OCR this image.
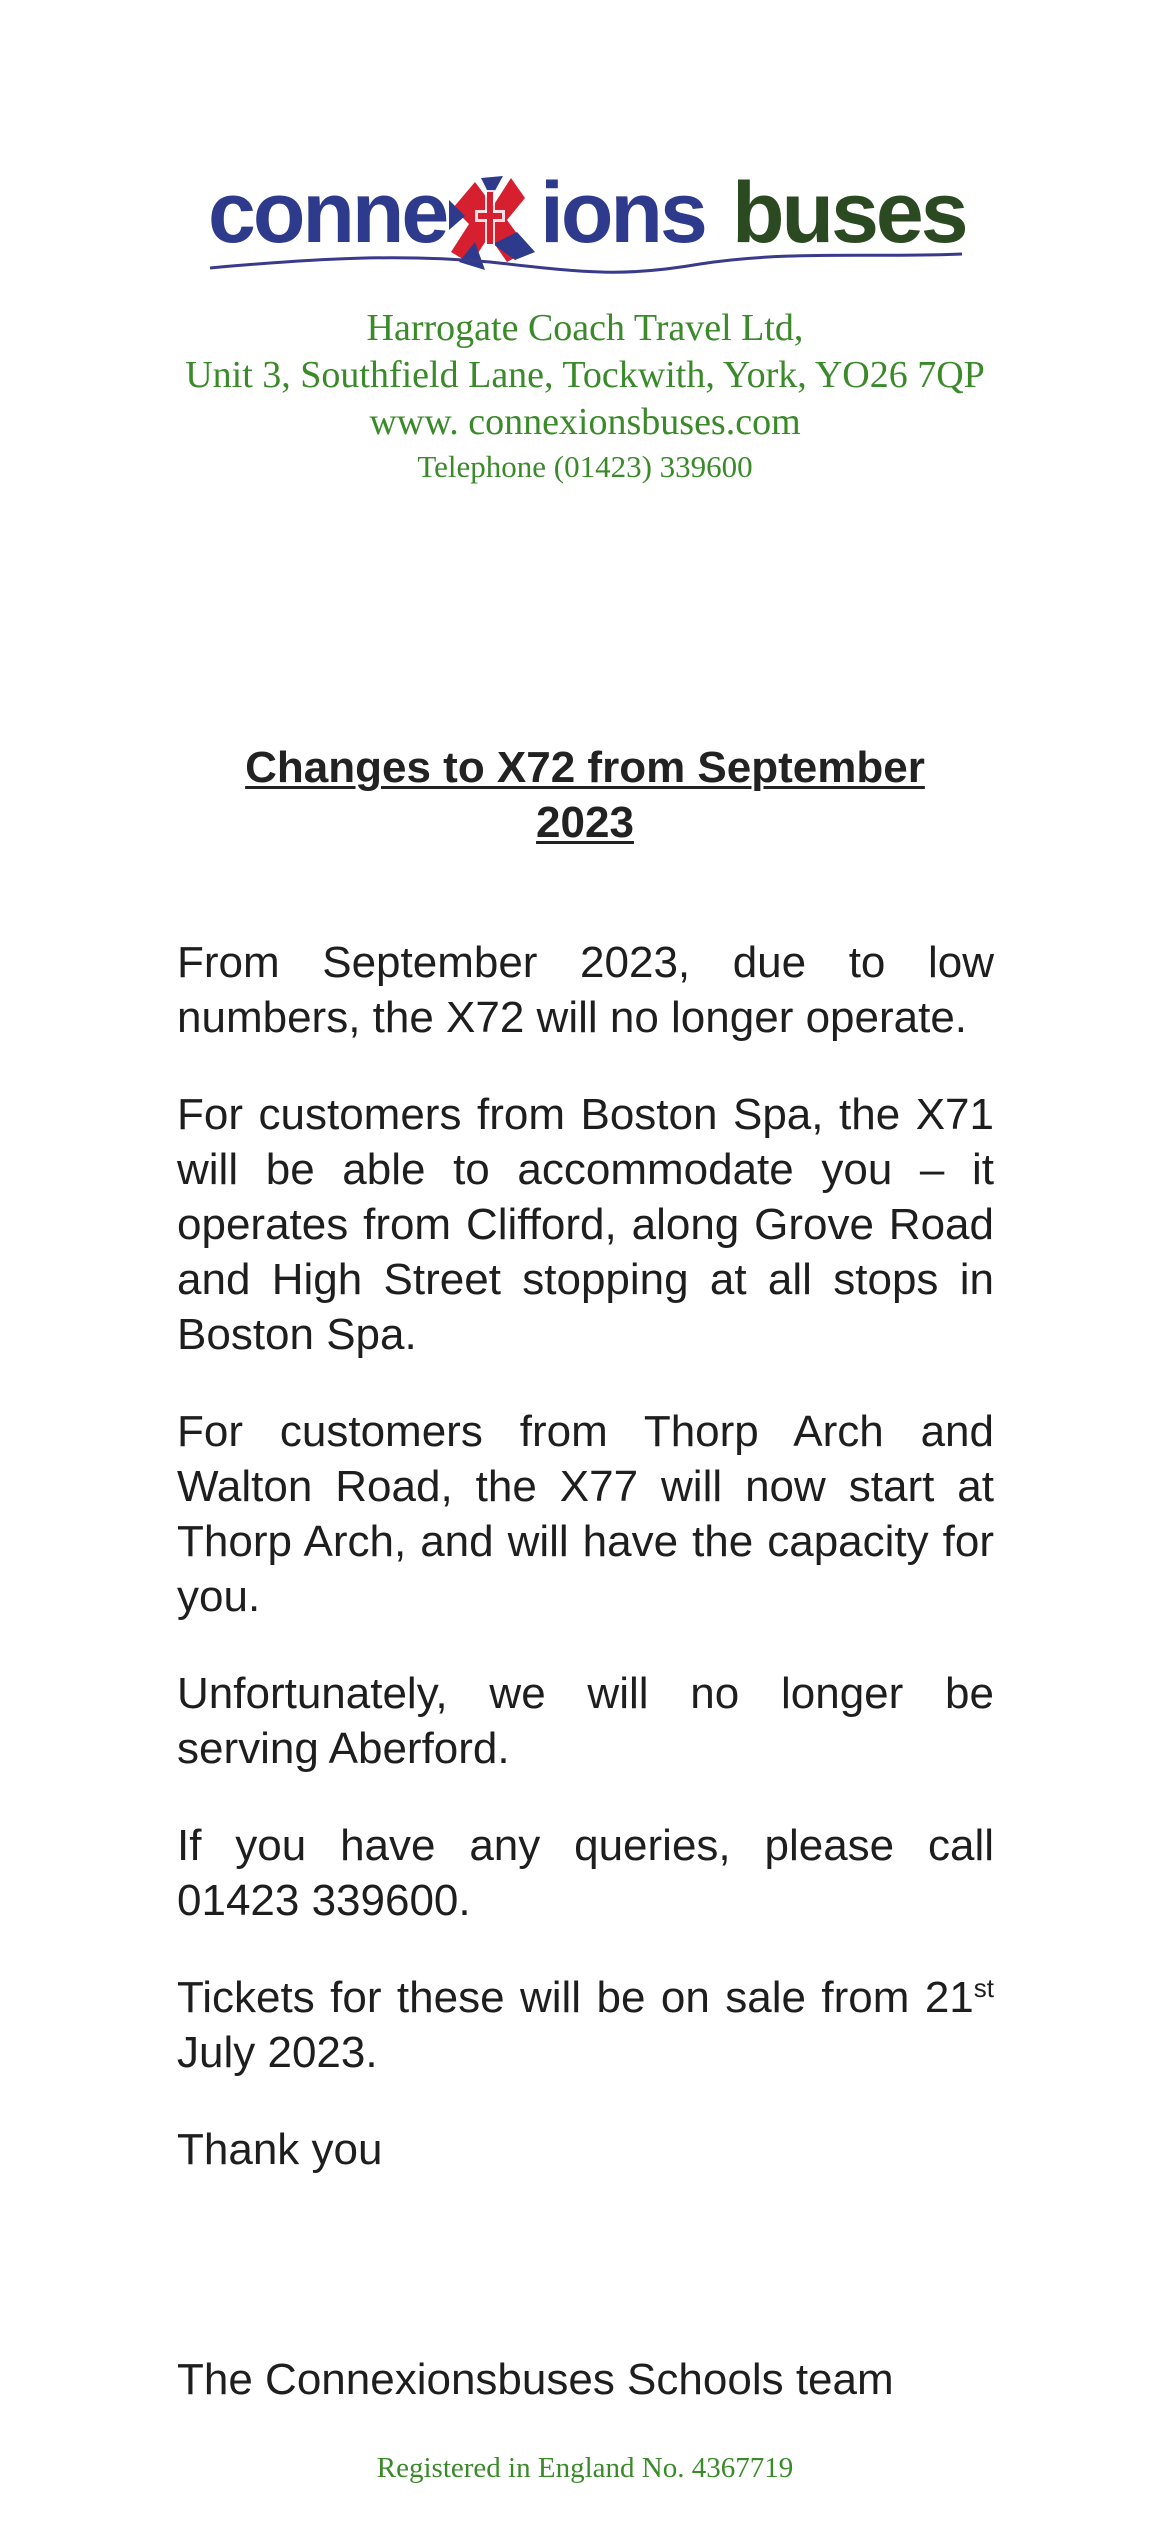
conne ions buses
Harrogate Coach Travel Ltd,
Unit 3, Southfield Lane, Tockwith, York, YO26 7QP
www. connexionsbuses.com
Telephone (01423) 339600
Changes to X72 from September 2023

From September 2023, due to low numbers, the X72 will no longer operate.

For customers from Boston Spa, the X71 will be able to accommodate you – it operates from Clifford, along Grove Road and High Street stopping at all stops in Boston Spa.

For customers from Thorp Arch and Walton Road, the X77 will now start at Thorp Arch, and will have the capacity for you.

Unfortunately, we will no longer be serving Aberford.

If you have any queries, please call 01423 339600.

Tickets for these will be on sale from 21st July 2023.

Thank you

The Connexionsbuses Schools team
Registered in England No. 4367719
